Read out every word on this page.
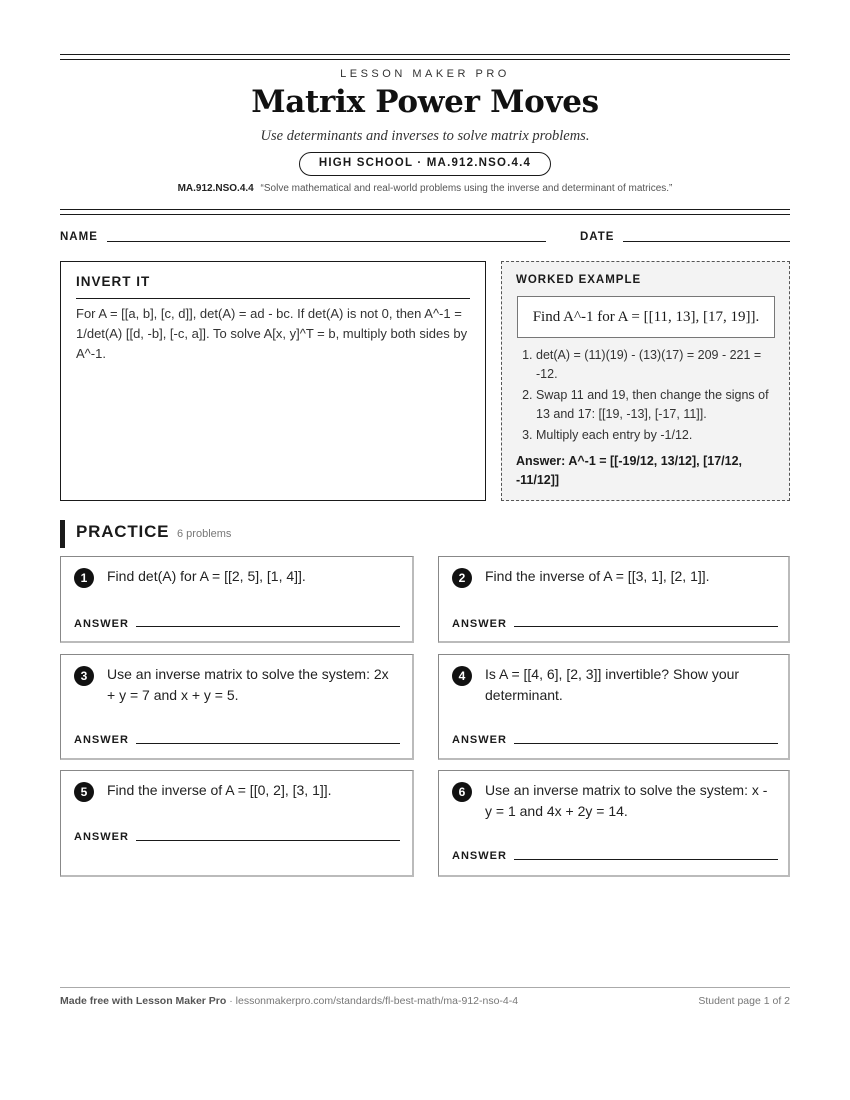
LESSON MAKER PRO
Matrix Power Moves
Use determinants and inverses to solve matrix problems.
HIGH SCHOOL · MA.912.NSO.4.4
MA.912.NSO.4.4 “Solve mathematical and real-world problems using the inverse and determinant of matrices.”
NAME	DATE
INVERT IT
For A = [[a, b], [c, d]], det(A) = ad - bc. If det(A) is not 0, then A^-1 = 1/det(A) [[d, -b], [-c, a]]. To solve A[x, y]^T = b, multiply both sides by A^-1.
WORKED EXAMPLE
Find A^-1 for A = [[11, 13], [17, 19]].
1. det(A) = (11)(19) - (13)(17) = 209 - 221 = -12.
2. Swap 11 and 19, then change the signs of 13 and 17: [[19, -13], [-17, 11]].
3. Multiply each entry by -1/12.
Answer: A^-1 = [[-19/12, 13/12], [17/12, -11/12]]
PRACTICE 6 problems
1	Find det(A) for A = [[2, 5], [1, 4]].
ANSWER
2	Find the inverse of A = [[3, 1], [2, 1]].
ANSWER
3	Use an inverse matrix to solve the system: 2x + y = 7 and x + y = 5.
ANSWER
4	Is A = [[4, 6], [2, 3]] invertible? Show your determinant.
ANSWER
5	Find the inverse of A = [[0, 2], [3, 1]].
ANSWER
6	Use an inverse matrix to solve the system: x - y = 1 and 4x + 2y = 14.
ANSWER
Made free with Lesson Maker Pro · lessonmakerpro.com/standards/fl-best-math/ma-912-nso-4-4	Student page 1 of 2
